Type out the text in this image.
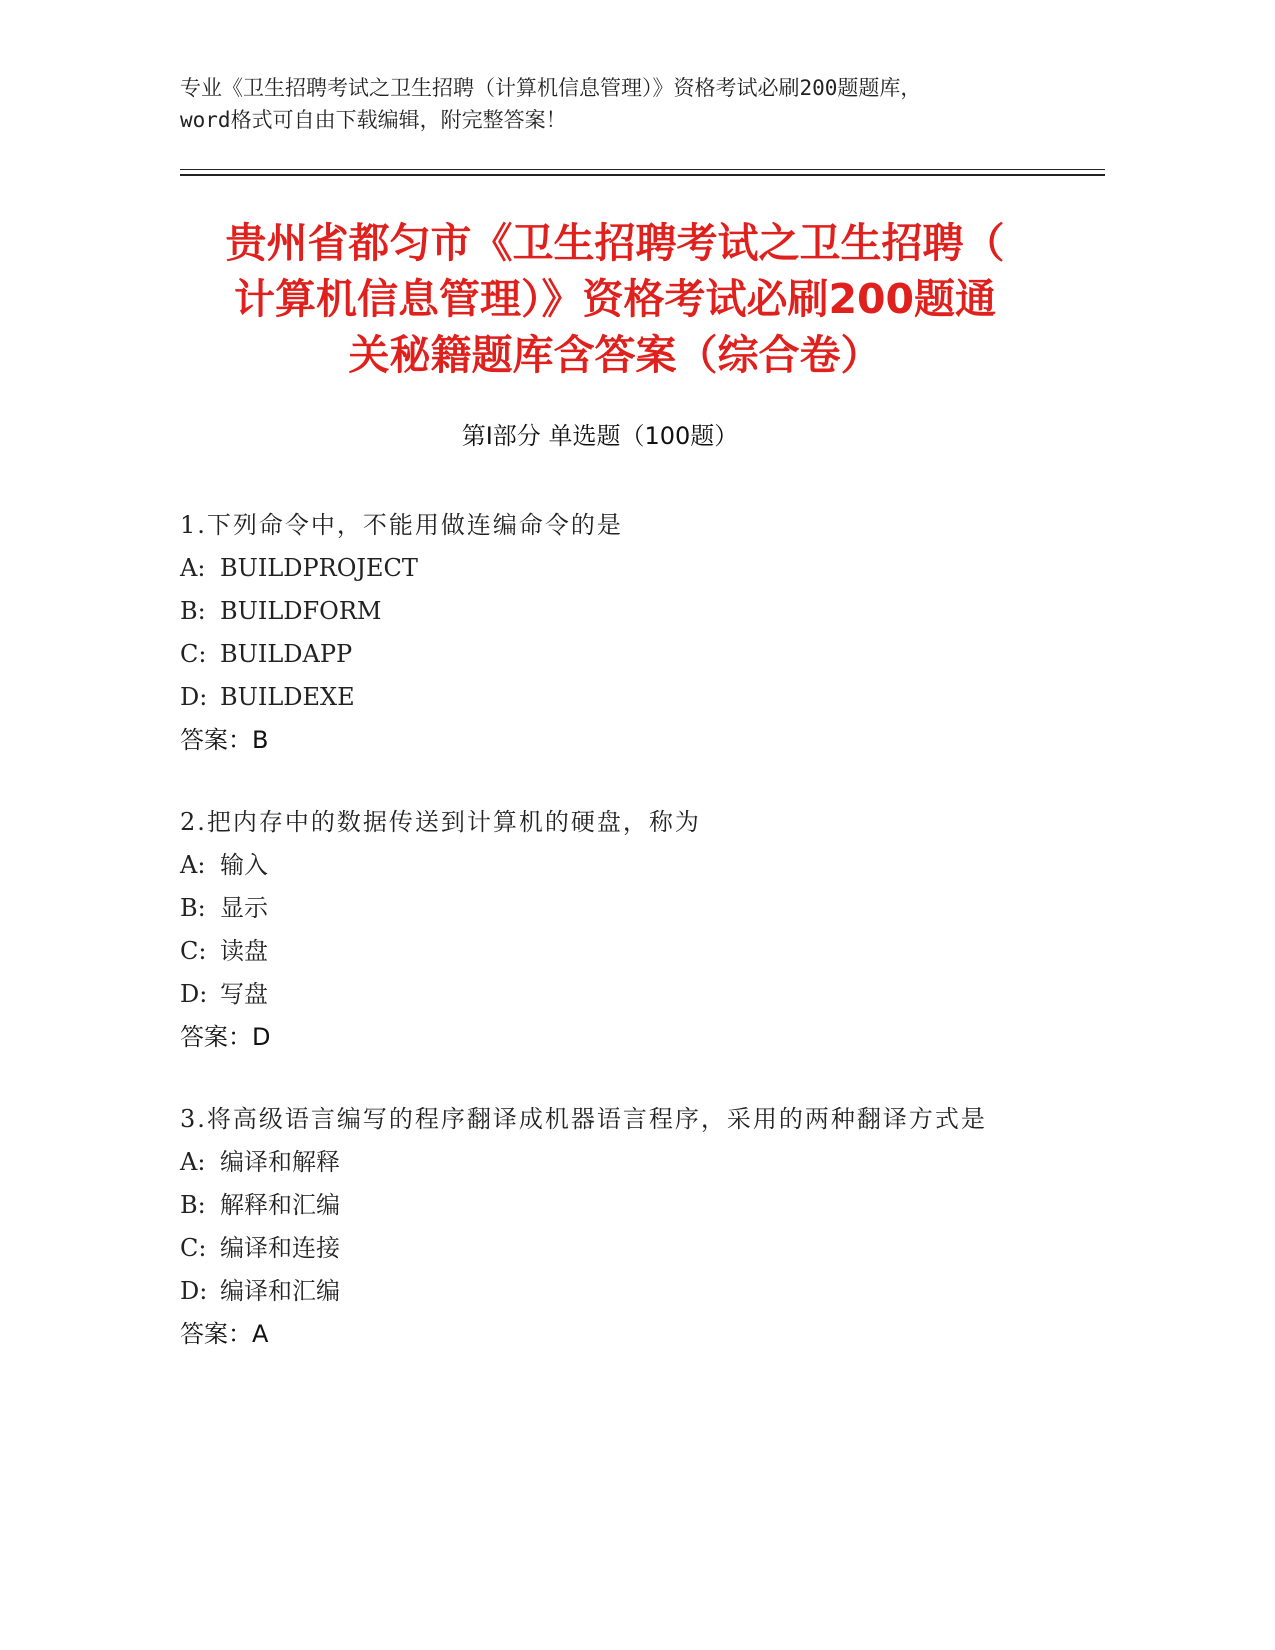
专业《卫生招聘考试之卫生招聘（计算机信息管理）》资格考试必刷200题题库，
word格式可自由下载编辑，附完整答案！
贵州省都匀市《卫生招聘考试之卫生招聘（
计算机信息管理）》资格考试必刷200题通
关秘籍题库含答案（综合卷）
第Ⅰ部分 单选题（100题）
1.下列命令中，不能用做连编命令的是
A: BUILDPROJECT
B: BUILDFORM
C: BUILDAPP
D: BUILDEXE
答案：B
2.把内存中的数据传送到计算机的硬盘，称为
A: 输入
B: 显示
C: 读盘
D: 写盘
答案：D
3.将高级语言编写的程序翻译成机器语言程序，采用的两种翻译方式是
A: 编译和解释
B: 解释和汇编
C: 编译和连接
D: 编译和汇编
答案：A
